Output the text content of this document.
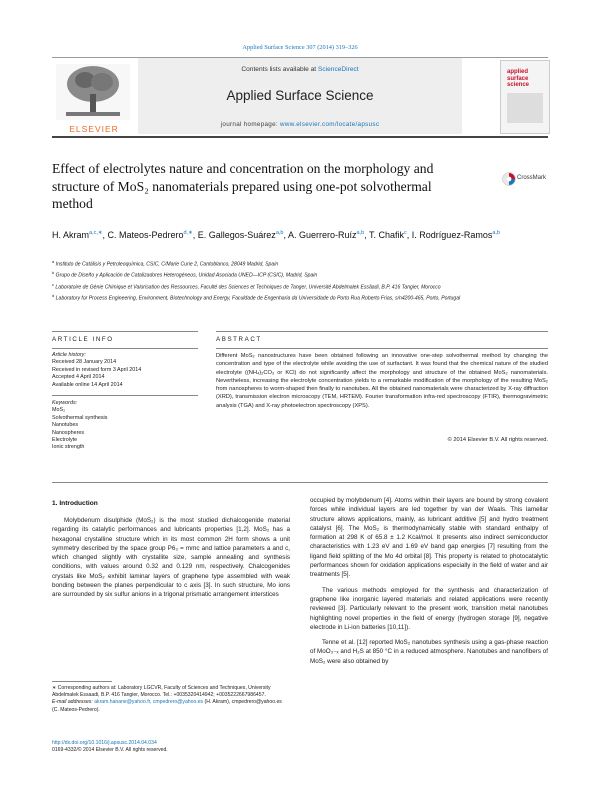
Applied Surface Science 307 (2014) 319–326
ELSEVIER
Contents lists available at ScienceDirect
Applied Surface Science
journal homepage: www.elsevier.com/locate/apsusc
applied surface science
Effect of electrolytes nature and concentration on the morphology and structure of MoS₂ nanomaterials prepared using one-pot solvothermal method
CrossMark
H. Akram$^{a,c,∗}$, C. Mateos-Pedrero$^{d,∗}$, E. Gallegos-Suárez$^{a,b}$, A. Guerrero-Ruíz$^{a,b}$, T. Chafik$^c$, I. Rodríguez-Ramos$^{a,b}$
$^a$ Instituto de Catálisis y Petroleoquímica, CSIC, C/Marie Curie 2, Cantoblanco, 28049 Madrid, Spain
$^b$ Grupo de Diseño y Aplicación de Catalizadores Heterogéneos, Unidad Asociada UNED—ICP (CSIC), Madrid, Spain
$^c$ Laboratoire de Génie Chimique et Valorisation des Ressources, Faculté des Sciences et Techniques de Tanger, Université Abdelmalek Essâadi, B.P. 416 Tangier, Morocco
$^d$ Laboratory for Process Engineering, Environment, Biotechnology and Energy, Faculdade de Engenharia da Universidade do Porto Rua Roberto Frias, s/n4200-465, Porto, Portugal
ARTICLE INFO	ABSTRACT
Article history:
Received 28 January 2014
Received in revised form 3 April 2014
Accepted 4 April 2014
Available online 14 April 2014
Keywords:
MoS₂
Solvothermal synthesis
Nanotubes
Nanospheres
Electrolyte
Ionic strength
Different MoS₂ nanostructures have been obtained following an innovative one-step solvothermal method by changing the concentration and type of the electrolyte while avoiding the use of surfactant. It was found that the chemical nature of the studied electrolyte ((NH₄)₂CO₃ or KCl) do not significantly affect the morphology and structure of the obtained MoS₂ nanomaterials. Nevertheless, increasing the electrolyte concentration yields to a remarkable modification of the morphology of the resulting MoS₂ from nanospheres to worm-shaped then finally to nanotubes. All the obtained nanomaterials were characterized by X-ray diffraction (XRD), transmission electron microscopy (TEM, HRTEM). Fourier transformation infra-red spectroscopy (FTIR), thermogravimetric analysis (TGA) and X-ray photoelectron spectroscopy (XPS).
© 2014 Elsevier B.V. All rights reserved.
1. Introduction
Molybdenum disulphide (MoS₂) is the most studied dichalcogenide material regarding its catalytic performances and lubricants properties [1,2]. MoS₂ has a hexagonal crystalline structure which in its most common 2H form shows a unit symmetry described by the space group P6₃ = mmc and lattice parameters a and c, which changed slightly with crystallite size, sample annealing and synthesis conditions, with values around 0.32 and 0.129 nm, respectively. Chalcogenides crystals like MoS₂ exhibit laminar layers of graphene type assembled with weak bonding between the planes perpendicular to c axis [3]. In such structure, Mo ions are surrounded by six sulfur anions in a trigonal prismatic arrangement interstices

occupied by molybdenum [4]. Atoms within their layers are bound by strong covalent forces while individual layers are led together by van der Waals. This lamellar structure allows applications, mainly, as lubricant additive [5] and hydro treatment catalyst [6]. The MoS₂ is thermodynamically stable with standard enthalpy of formation at 298 K of 65.8 ± 1.2 Kcal/mol. It presents also indirect semiconductor characteristics with 1.23 eV and 1.69 eV band gap energies [7] resulting from the ligand field splitting of the Mo 4d orbital [8]. This property is related to photocatalytic performances shown for oxidation applications especially in the field of water and air treatments [5].

The various methods employed for the synthesis and characterization of graphene like inorganic layered materials and related applications were recently reviewed [3]. Particularly relevant to the present work, transition metal nanotubes highlighting novel properties in the field of energy (hydrogen storage [9], negative electrode in Li-ion batteries [10,11]).

Tenne et al. [12] reported MoS₂ nanotubes synthesis using a gas-phase reaction of MoO₃₋ₓ and H₂S at 850 °C in a reduced atmosphere. Nanotubes and nanofibers of MoS₂ were also obtained by

∗ Corresponding authors at: Laboratory LGCVR, Faculty of Sciences and Techniques, University Abdelmalek Essaadi, B.P. 416 Tangier, Morocco. Tel.: +0035320414942; +0035222667986457.
E-mail addresses: akram.hanane@yahoo.fr, cmpedrero@yahoo.es (H. Akram), cmpedrero@yahoo.es (C. Mateos-Pedrero).
http://dx.doi.org/10.1016/j.apsusc.2014.04.034
0169-4332/© 2014 Elsevier B.V. All rights reserved.
